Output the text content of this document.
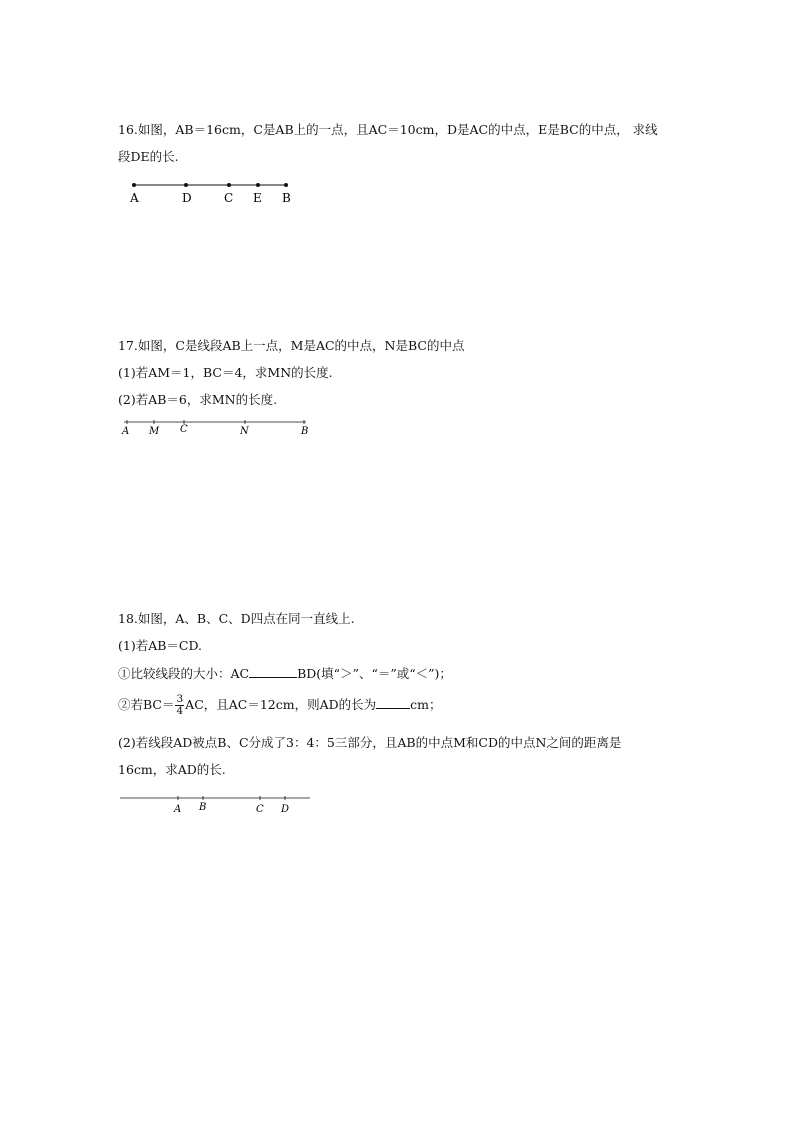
16.如图，AB＝16cm，C是AB上的一点，且AC＝10cm，D是AC的中点，E是BC的中点， 求线
段DE的长.
A	D	C E B
17.如图，C是线段AB上一点，M是AC的中点，N是BC的中点
(1)若AM＝1，BC＝4，求MN的长度.
(2)若AB＝6，求MN的长度.
A M C	N	B
18.如图，A、B、C、D四点在同一直线上.
(1)若AB＝CD.
①比较线段的大小：AC	BD(填“＞”、“＝”或“＜”)；
②若$BC= \frac{3}{4}$ AC，且AC＝12cm，则AD的长为	cm；
(2)若线段AD被点B、C分成了3：4：5三部分，且AB的中点M和CD的中点N之间的距离是
16cm，求AD的长.
A B	C D
